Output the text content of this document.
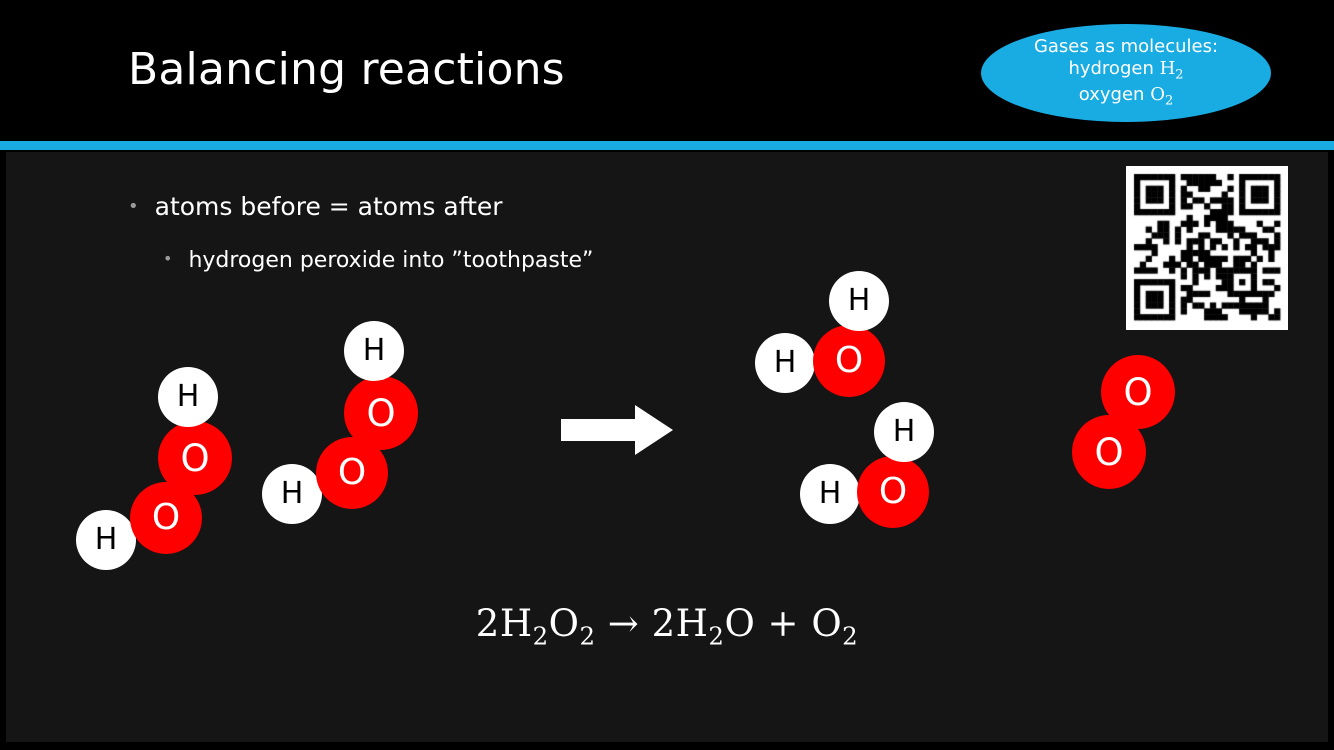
Balancing reactions	Gases as molecules:
hydrogen $H_2$
oxygen $O_2$
• atoms before = atoms after
• hydrogen peroxide into ”toothpaste”
H
O
O
H
H
O
O
H	H	O
H
H	O
H	O
O
$2H_2O_2 \to 2H_2O + O_2$
